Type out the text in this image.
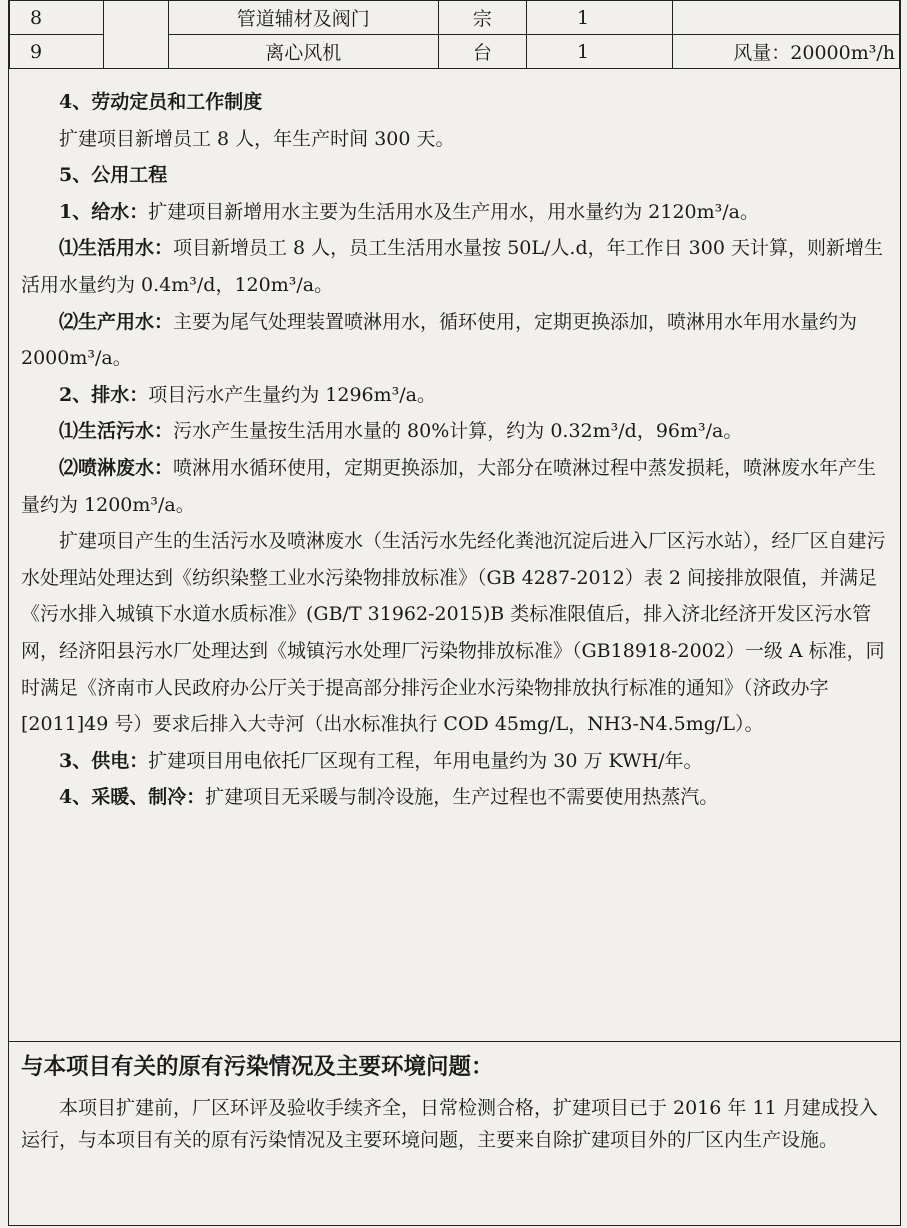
8		管道辅材及阀门	宗	1	
9		离心风机	台	1	风量：20000m³/h

4、劳动定员和工作制度

扩建项目新增员工 8 人，年生产时间 300 天。

5、公用工程

1、给水：扩建项目新增用水主要为生活用水及生产用水，用水量约为 2120m³/a。

⑴生活用水：项目新增员工 8 人，员工生活用水量按 50L/人.d，年工作日 300 天计算，则新增生活用水量约为 0.4m³/d，120m³/a。

⑵生产用水：主要为尾气处理装置喷淋用水，循环使用，定期更换添加，喷淋用水年用水量约为 2000m³/a。

2、排水：项目污水产生量约为 1296m³/a。

⑴生活污水：污水产生量按生活用水量的 80%计算，约为 0.32m³/d，96m³/a。

⑵喷淋废水：喷淋用水循环使用，定期更换添加，大部分在喷淋过程中蒸发损耗，喷淋废水年产生量约为 1200m³/a。

扩建项目产生的生活污水及喷淋废水（生活污水先经化粪池沉淀后进入厂区污水站），经厂区自建污水处理站处理达到《纺织染整工业水污染物排放标准》（GB 4287-2012）表 2 间接排放限值，并满足《污水排入城镇下水道水质标准》(GB/T 31962-2015)B 类标准限值后，排入济北经济开发区污水管网，经济阳县污水厂处理达到《城镇污水处理厂污染物排放标准》（GB18918-2002）一级 A 标准，同时满足《济南市人民政府办公厅关于提高部分排污企业水污染物排放执行标准的通知》（济政办字[2011]49 号）要求后排入大寺河（出水标准执行 COD 45mg/L，NH3-N4.5mg/L）。

3、供电：扩建项目用电依托厂区现有工程，年用电量约为 30 万 KWH/年。

4、采暖、制冷：扩建项目无采暖与制冷设施，生产过程也不需要使用热蒸汽。

与本项目有关的原有污染情况及主要环境问题：

本项目扩建前，厂区环评及验收手续齐全，日常检测合格，扩建项目已于 2016 年 11 月建成投入运行，与本项目有关的原有污染情况及主要环境问题，主要来自除扩建项目外的厂区内生产设施。
